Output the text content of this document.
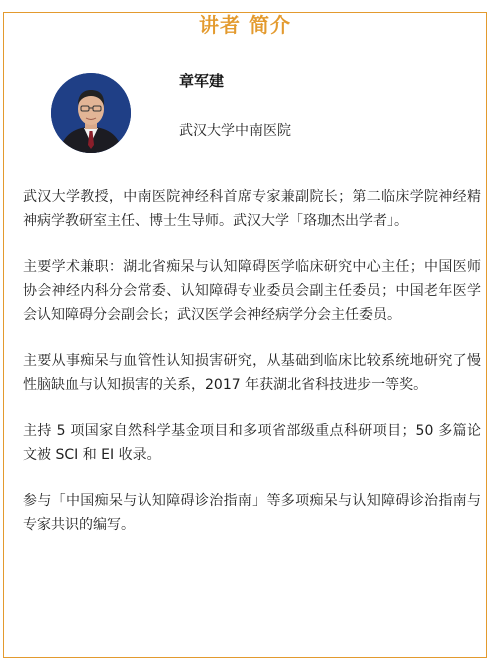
讲者 简介
章军建
武汉大学中南医院

武汉大学教授，中南医院神经科首席专家兼副院长；第二临床学院神经精神病学教研室主任、博士生导师。武汉大学「珞珈杰出学者」。

主要学术兼职：湖北省痴呆与认知障碍医学临床研究中心主任；中国医师协会神经内科分会常委、认知障碍专业委员会副主任委员；中国老年医学会认知障碍分会副会长；武汉医学会神经病学分会主任委员。

主要从事痴呆与血管性认知损害研究，从基础到临床比较系统地研究了慢性脑缺血与认知损害的关系，2017 年获湖北省科技进步一等奖。

主持 5 项国家自然科学基金项目和多项省部级重点科研项目；50 多篇论文被 SCI 和 EI 收录。

参与「中国痴呆与认知障碍诊治指南」等多项痴呆与认知障碍诊治指南与专家共识的编写。
